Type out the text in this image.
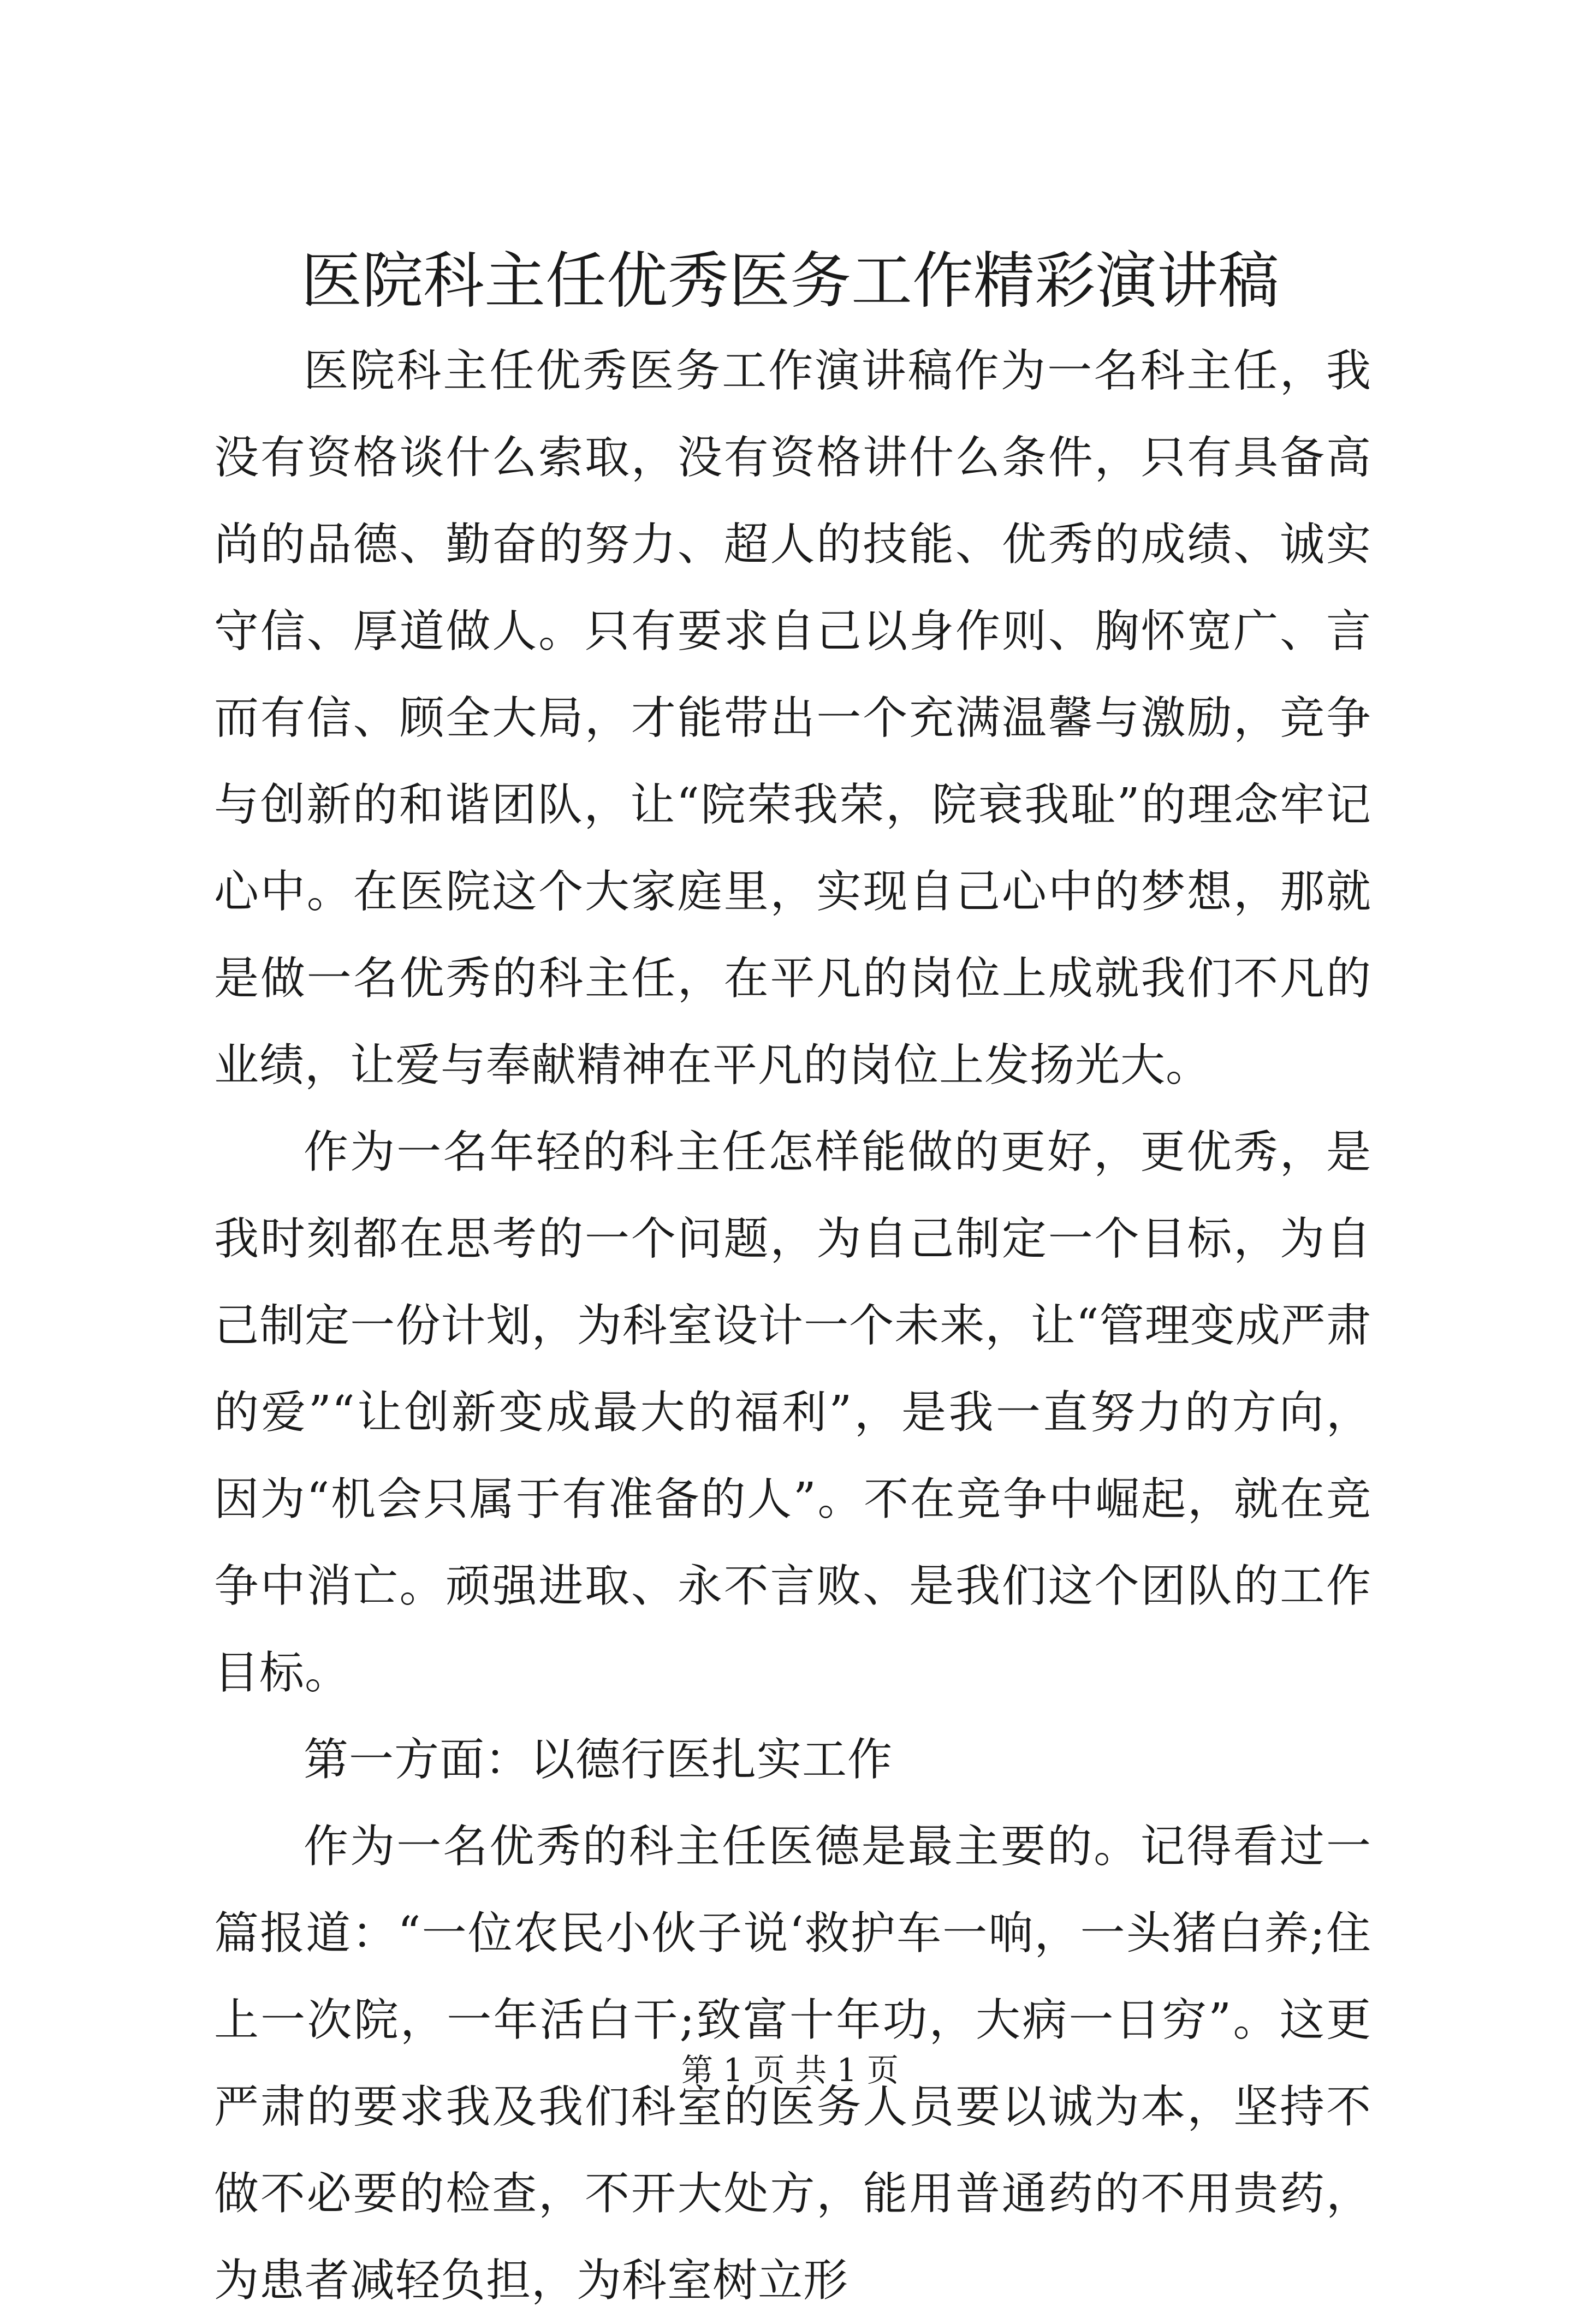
医院科主任优秀医务工作精彩演讲稿

医院科主任优秀医务工作演讲稿作为一名科主任，我没有资格谈什么索取，没有资格讲什么条件，只有具备高尚的品德、勤奋的努力、超人的技能、优秀的成绩、诚实守信、厚道做人。只有要求自己以身作则、胸怀宽广、言而有信、顾全大局，才能带出一个充满温馨与激励，竞争与创新的和谐团队，让“院荣我荣，院衰我耻”的理念牢记心中。在医院这个大家庭里，实现自己心中的梦想，那就是做一名优秀的科主任，在平凡的岗位上成就我们不凡的业绩，让爱与奉献精神在平凡的岗位上发扬光大。

作为一名年轻的科主任怎样能做的更好，更优秀，是我时刻都在思考的一个问题，为自己制定一个目标，为自己制定一份计划，为科室设计一个未来，让“管理变成严肃的爱”“让创新变成最大的福利”，是我一直努力的方向，因为“机会只属于有准备的人”。不在竞争中崛起，就在竞争中消亡。顽强进取、永不言败、是我们这个团队的工作目标。

第一方面：以德行医扎实工作

作为一名优秀的科主任医德是最主要的。记得看过一篇报道：“一位农民小伙子说‘救护车一响，一头猪白养;住上一次院，一年活白干;致富十年功，大病一日穷”。这更严肃的要求我及我们科室的医务人员要以诚为本，坚持不做不必要的检查，不开大处方，能用普通药的不用贵药，为患者减轻负担，为科室树立形

第 1 页 共 1 页
